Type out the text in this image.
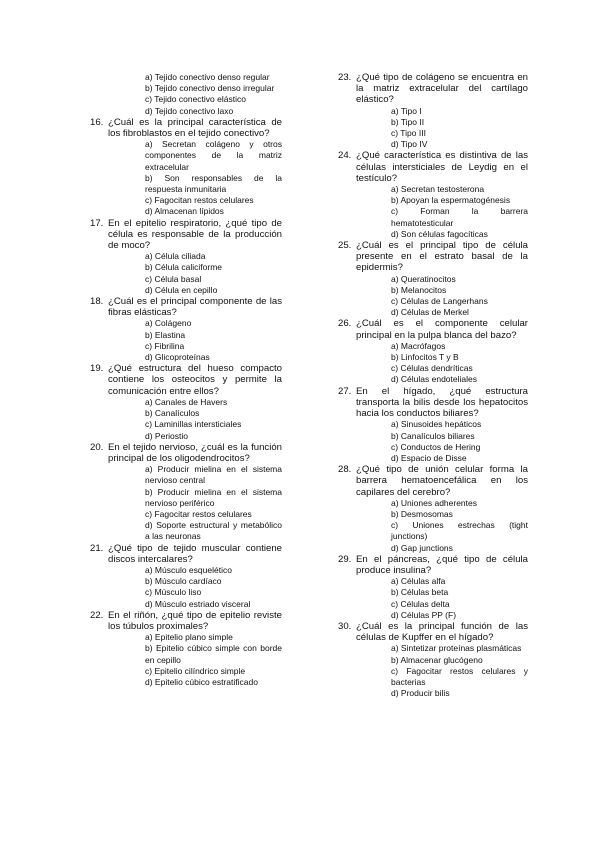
a) Tejido conectivo denso regular
b) Tejido conectivo denso irregular
c) Tejido conectivo elástico
d) Tejido conectivo laxo
16. ¿Cuál es la principal característica de los fibroblastos en el tejido conectivo?
a) Secretan colágeno y otros componentes de la matriz extracelular
b) Son responsables de la respuesta inmunitaria
c) Fagocitan restos celulares
d) Almacenan lípidos
17. En el epitelio respiratorio, ¿qué tipo de célula es responsable de la producción de moco?
a) Célula ciliada
b) Célula caliciforme
c) Célula basal
d) Célula en cepillo
18. ¿Cuál es el principal componente de las fibras elásticas?
a) Colágeno
b) Elastina
c) Fibrilina
d) Glicoproteínas
19. ¿Qué estructura del hueso compacto contiene los osteocitos y permite la comunicación entre ellos?
a) Canales de Havers
b) Canalículos
c) Laminillas intersticiales
d) Periostio
20. En el tejido nervioso, ¿cuál es la función principal de los oligodendrocitos?
a) Producir mielina en el sistema nervioso central
b) Producir mielina en el sistema nervioso periférico
c) Fagocitar restos celulares
d) Soporte estructural y metabólico a las neuronas
21. ¿Qué tipo de tejido muscular contiene discos intercalares?
a) Músculo esquelético
b) Músculo cardíaco
c) Músculo liso
d) Músculo estriado visceral
22. En el riñón, ¿qué tipo de epitelio reviste los túbulos proximales?
a) Epitelio plano simple
b) Epitelio cúbico simple con borde en cepillo
c) Epitelio cilíndrico simple
d) Epitelio cúbico estratificado
23. ¿Qué tipo de colágeno se encuentra en la matriz extracelular del cartílago elástico?
a) Tipo I
b) Tipo II
c) Tipo III
d) Tipo IV
24. ¿Qué característica es distintiva de las células intersticiales de Leydig en el testículo?
a) Secretan testosterona
b) Apoyan la espermatogénesis
c) Forman la barrera hematotesticular
d) Son células fagocíticas
25. ¿Cuál es el principal tipo de célula presente en el estrato basal de la epidermis?
a) Queratinocitos
b) Melanocitos
c) Células de Langerhans
d) Células de Merkel
26. ¿Cuál es el componente celular principal en la pulpa blanca del bazo?
a) Macrófagos
b) Linfocitos T y B
c) Células dendríticas
d) Células endoteliales
27. En el hígado, ¿qué estructura transporta la bilis desde los hepatocitos hacia los conductos biliares?
a) Sinusoides hepáticos
b) Canalículos biliares
c) Conductos de Hering
d) Espacio de Disse
28. ¿Qué tipo de unión celular forma la barrera hematoencefálica en los capilares del cerebro?
a) Uniones adherentes
b) Desmosomas
c) Uniones estrechas (tight junctions)
d) Gap junctions
29. En el páncreas, ¿qué tipo de célula produce insulina?
a) Células alfa
b) Células beta
c) Células delta
d) Células PP (F)
30. ¿Cuál es la principal función de las células de Kupffer en el hígado?
a) Sintetizar proteínas plasmáticas
b) Almacenar glucógeno
c) Fagocitar restos celulares y bacterias
d) Producir bilis
